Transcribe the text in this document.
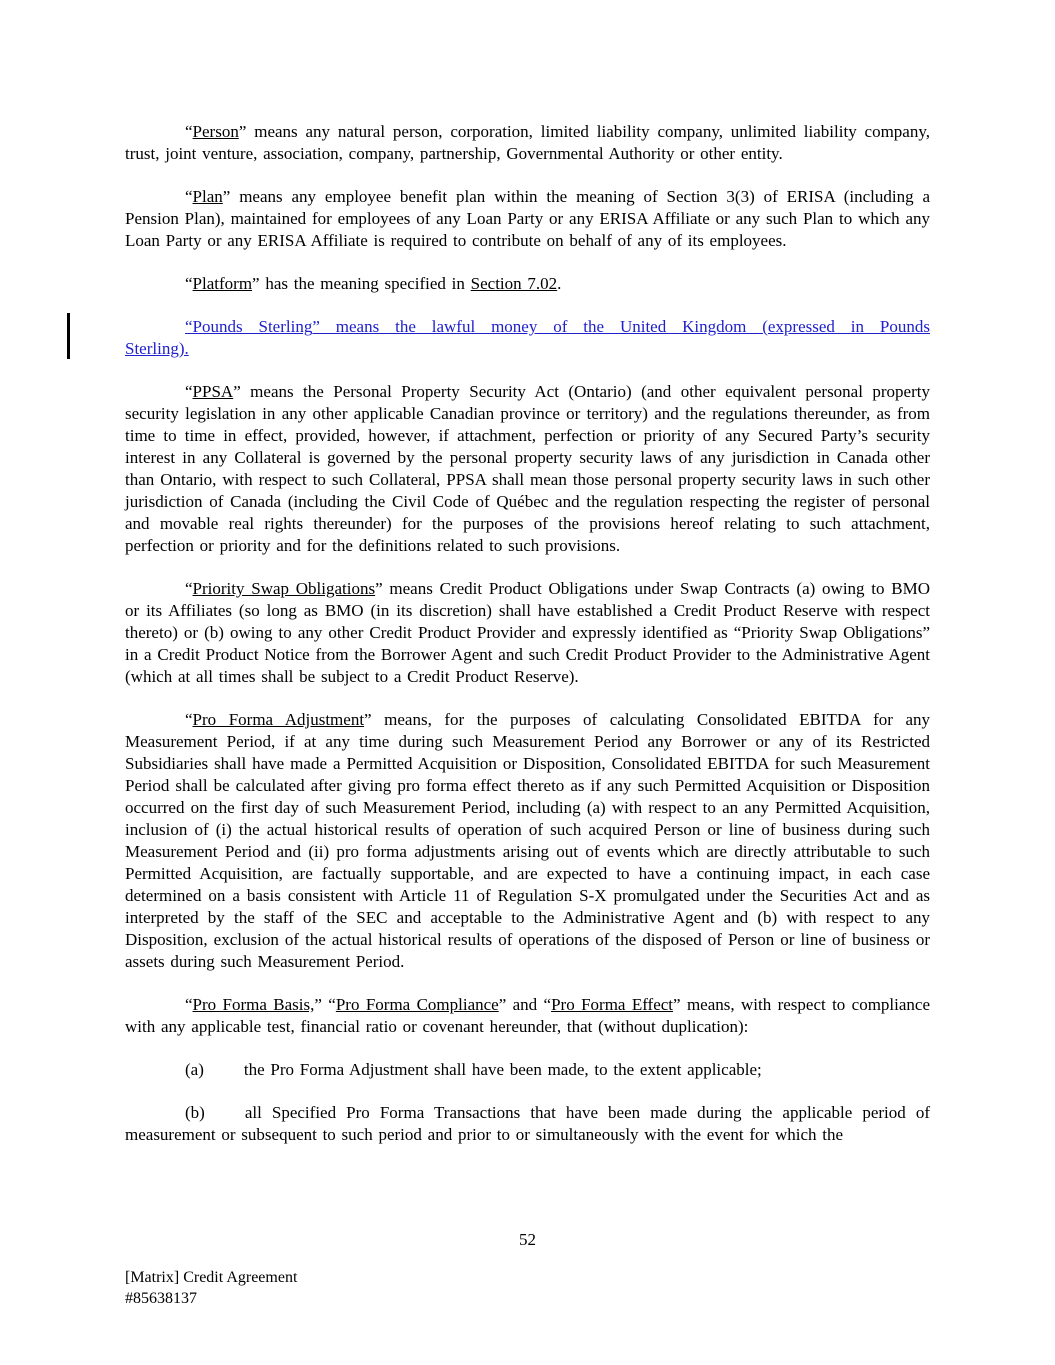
“Person” means any natural person, corporation, limited liability company, unlimited liability company, trust, joint venture, association, company, partnership, Governmental Authority or other entity.

“Plan” means any employee benefit plan within the meaning of Section 3(3) of ERISA (including a Pension Plan), maintained for employees of any Loan Party or any ERISA Affiliate or any such Plan to which any Loan Party or any ERISA Affiliate is required to contribute on behalf of any of its employees.

“Platform” has the meaning specified in Section 7.02.

“Pounds Sterling” means the lawful money of the United Kingdom (expressed in Pounds
Sterling).

“PPSA” means the Personal Property Security Act (Ontario) (and other equivalent personal property security legislation in any other applicable Canadian province or territory) and the regulations thereunder, as from time to time in effect, provided, however, if attachment, perfection or priority of any Secured Party’s security interest in any Collateral is governed by the personal property security laws of any jurisdiction in Canada other than Ontario, with respect to such Collateral, PPSA shall mean those personal property security laws in such other jurisdiction of Canada (including the Civil Code of Québec and the regulation respecting the register of personal and movable real rights thereunder) for the purposes of the provisions hereof relating to such attachment, perfection or priority and for the definitions related to such provisions.

“Priority Swap Obligations” means Credit Product Obligations under Swap Contracts (a) owing to BMO or its Affiliates (so long as BMO (in its discretion) shall have established a Credit Product Reserve with respect thereto) or (b) owing to any other Credit Product Provider and expressly identified as “Priority Swap Obligations” in a Credit Product Notice from the Borrower Agent and such Credit Product Provider to the Administrative Agent (which at all times shall be subject to a Credit Product Reserve).

“Pro Forma Adjustment” means, for the purposes of calculating Consolidated EBITDA for any Measurement Period, if at any time during such Measurement Period any Borrower or any of its Restricted Subsidiaries shall have made a Permitted Acquisition or Disposition, Consolidated EBITDA for such Measurement Period shall be calculated after giving pro forma effect thereto as if any such Permitted Acquisition or Disposition occurred on the first day of such Measurement Period, including (a) with respect to an any Permitted Acquisition, inclusion of (i) the actual historical results of operation of such acquired Person or line of business during such Measurement Period and (ii) pro forma adjustments arising out of events which are directly attributable to such Permitted Acquisition, are factually supportable, and are expected to have a continuing impact, in each case determined on a basis consistent with Article 11 of Regulation S-X promulgated under the Securities Act and as interpreted by the staff of the SEC and acceptable to the Administrative Agent and (b) with respect to any Disposition, exclusion of the actual historical results of operations of the disposed of Person or line of business or assets during such Measurement Period.

“Pro Forma Basis,” “Pro Forma Compliance” and “Pro Forma Effect” means, with respect to compliance with any applicable test, financial ratio or covenant hereunder, that (without duplication):

(a) the Pro Forma Adjustment shall have been made, to the extent applicable;

(b) all Specified Pro Forma Transactions that have been made during the applicable period of measurement or subsequent to such period and prior to or simultaneously with the event for which the

52
[Matrix] Credit Agreement
#85638137
